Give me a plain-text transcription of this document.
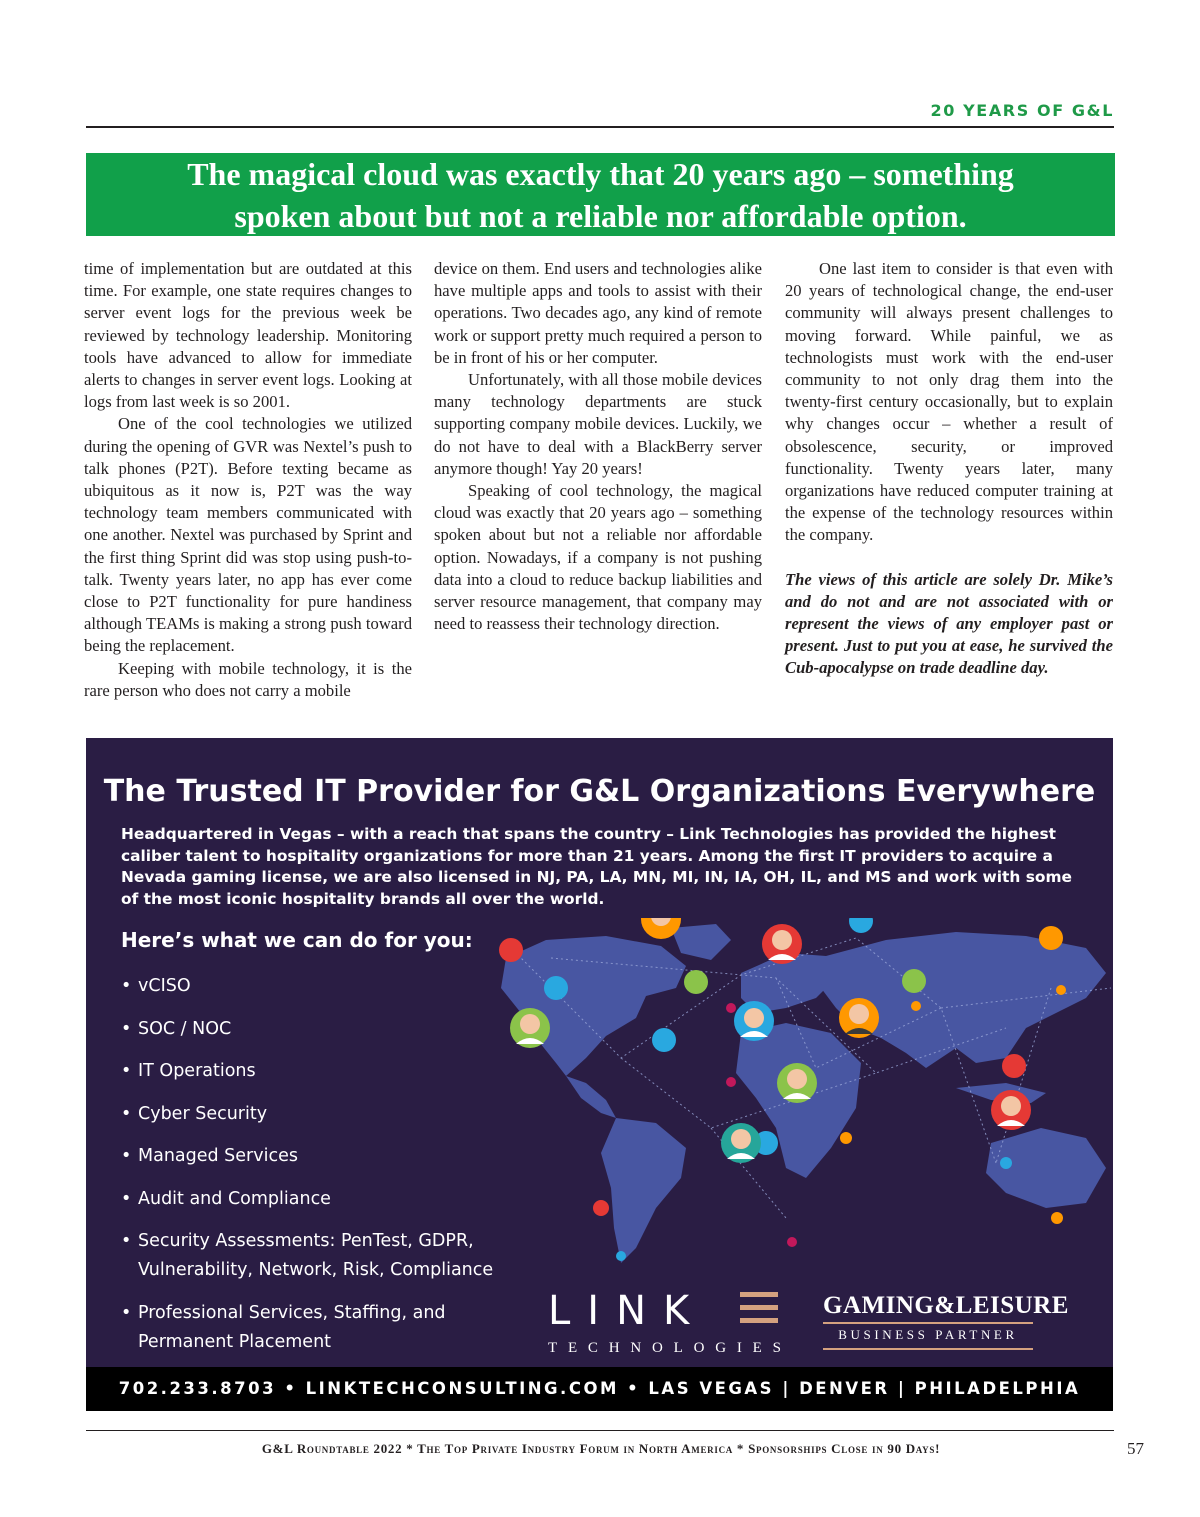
20 YEARS OF G&L
The magical cloud was exactly that 20 years ago – something
spoken about but not a reliable nor affordable option.

time of implementation but are outdated at this time. For example, one state requires changes to server event logs for the previous week be reviewed by technology leadership. Monitoring tools have advanced to allow for immediate alerts to changes in server event logs. Looking at logs from last week is so 2001.

One of the cool technologies we utilized during the opening of GVR was Nextel’s push to talk phones (P2T). Before texting became as ubiquitous as it now is, P2T was the way technology team members communicated with one another. Nextel was purchased by Sprint and the first thing Sprint did was stop using push-to-talk. Twenty years later, no app has ever come close to P2T functionality for pure handiness although TEAMs is making a strong push toward being the replacement.

Keeping with mobile technology, it is the rare person who does not carry a mobile

device on them. End users and technologies alike have multiple apps and tools to assist with their operations. Two decades ago, any kind of remote work or support pretty much required a person to be in front of his or her computer.

Unfortunately, with all those mobile devices many technology departments are stuck supporting company mobile devices. Luckily, we do not have to deal with a BlackBerry server anymore though! Yay 20 years!

Speaking of cool technology, the magical cloud was exactly that 20 years ago – something spoken about but not a reliable nor affordable option. Nowadays, if a company is not pushing data into a cloud to reduce backup liabilities and server resource management, that company may need to reassess their technology direction.

One last item to consider is that even with 20 years of technological change, the end-user community will always present challenges to moving forward. While painful, we as technologists must work with the end-user community to not only drag them into the twenty-first century occasionally, but to explain why changes occur – whether a result of obsolescence, security, or improved functionality. Twenty years later, many organizations have reduced computer training at the expense of the technology resources within the company.

The views of this article are solely Dr. Mike’s and do not and are not associated with or represent the views of any employer past or present. Just to put you at ease, he survived the Cub-apocalypse on trade deadline day.

The Trusted IT Provider for G&L Organizations Everywhere
Headquartered in Vegas – with a reach that spans the country – Link Technologies has provided the highest caliber talent to hospitality organizations for more than 21 years. Among the first IT providers to acquire a Nevada gaming license, we are also licensed in NJ, PA, LA, MN, MI, IN, IA, OH, IL, and MS and work with some of the most iconic hospitality brands all over the world.
Here’s what we can do for you:
• vCISO
• SOC / NOC
• IT Operations
• Cyber Security
• Managed Services
• Audit and Compliance
• Security Assessments: PenTest, GDPR, Vulnerability, Network, Risk, Compliance
• Professional Services, Staffing, and Permanent Placement
LINK
TECHNOLOGIES
GAMING&LEISURE
BUSINESS PARTNER
702.233.8703 • LINKTECHCONSULTING.COM • LAS VEGAS | DENVER | PHILADELPHIA
G&L Roundtable 2022 * The Top Private Industry Forum in North America * Sponsorships Close in 90 Days!	57
